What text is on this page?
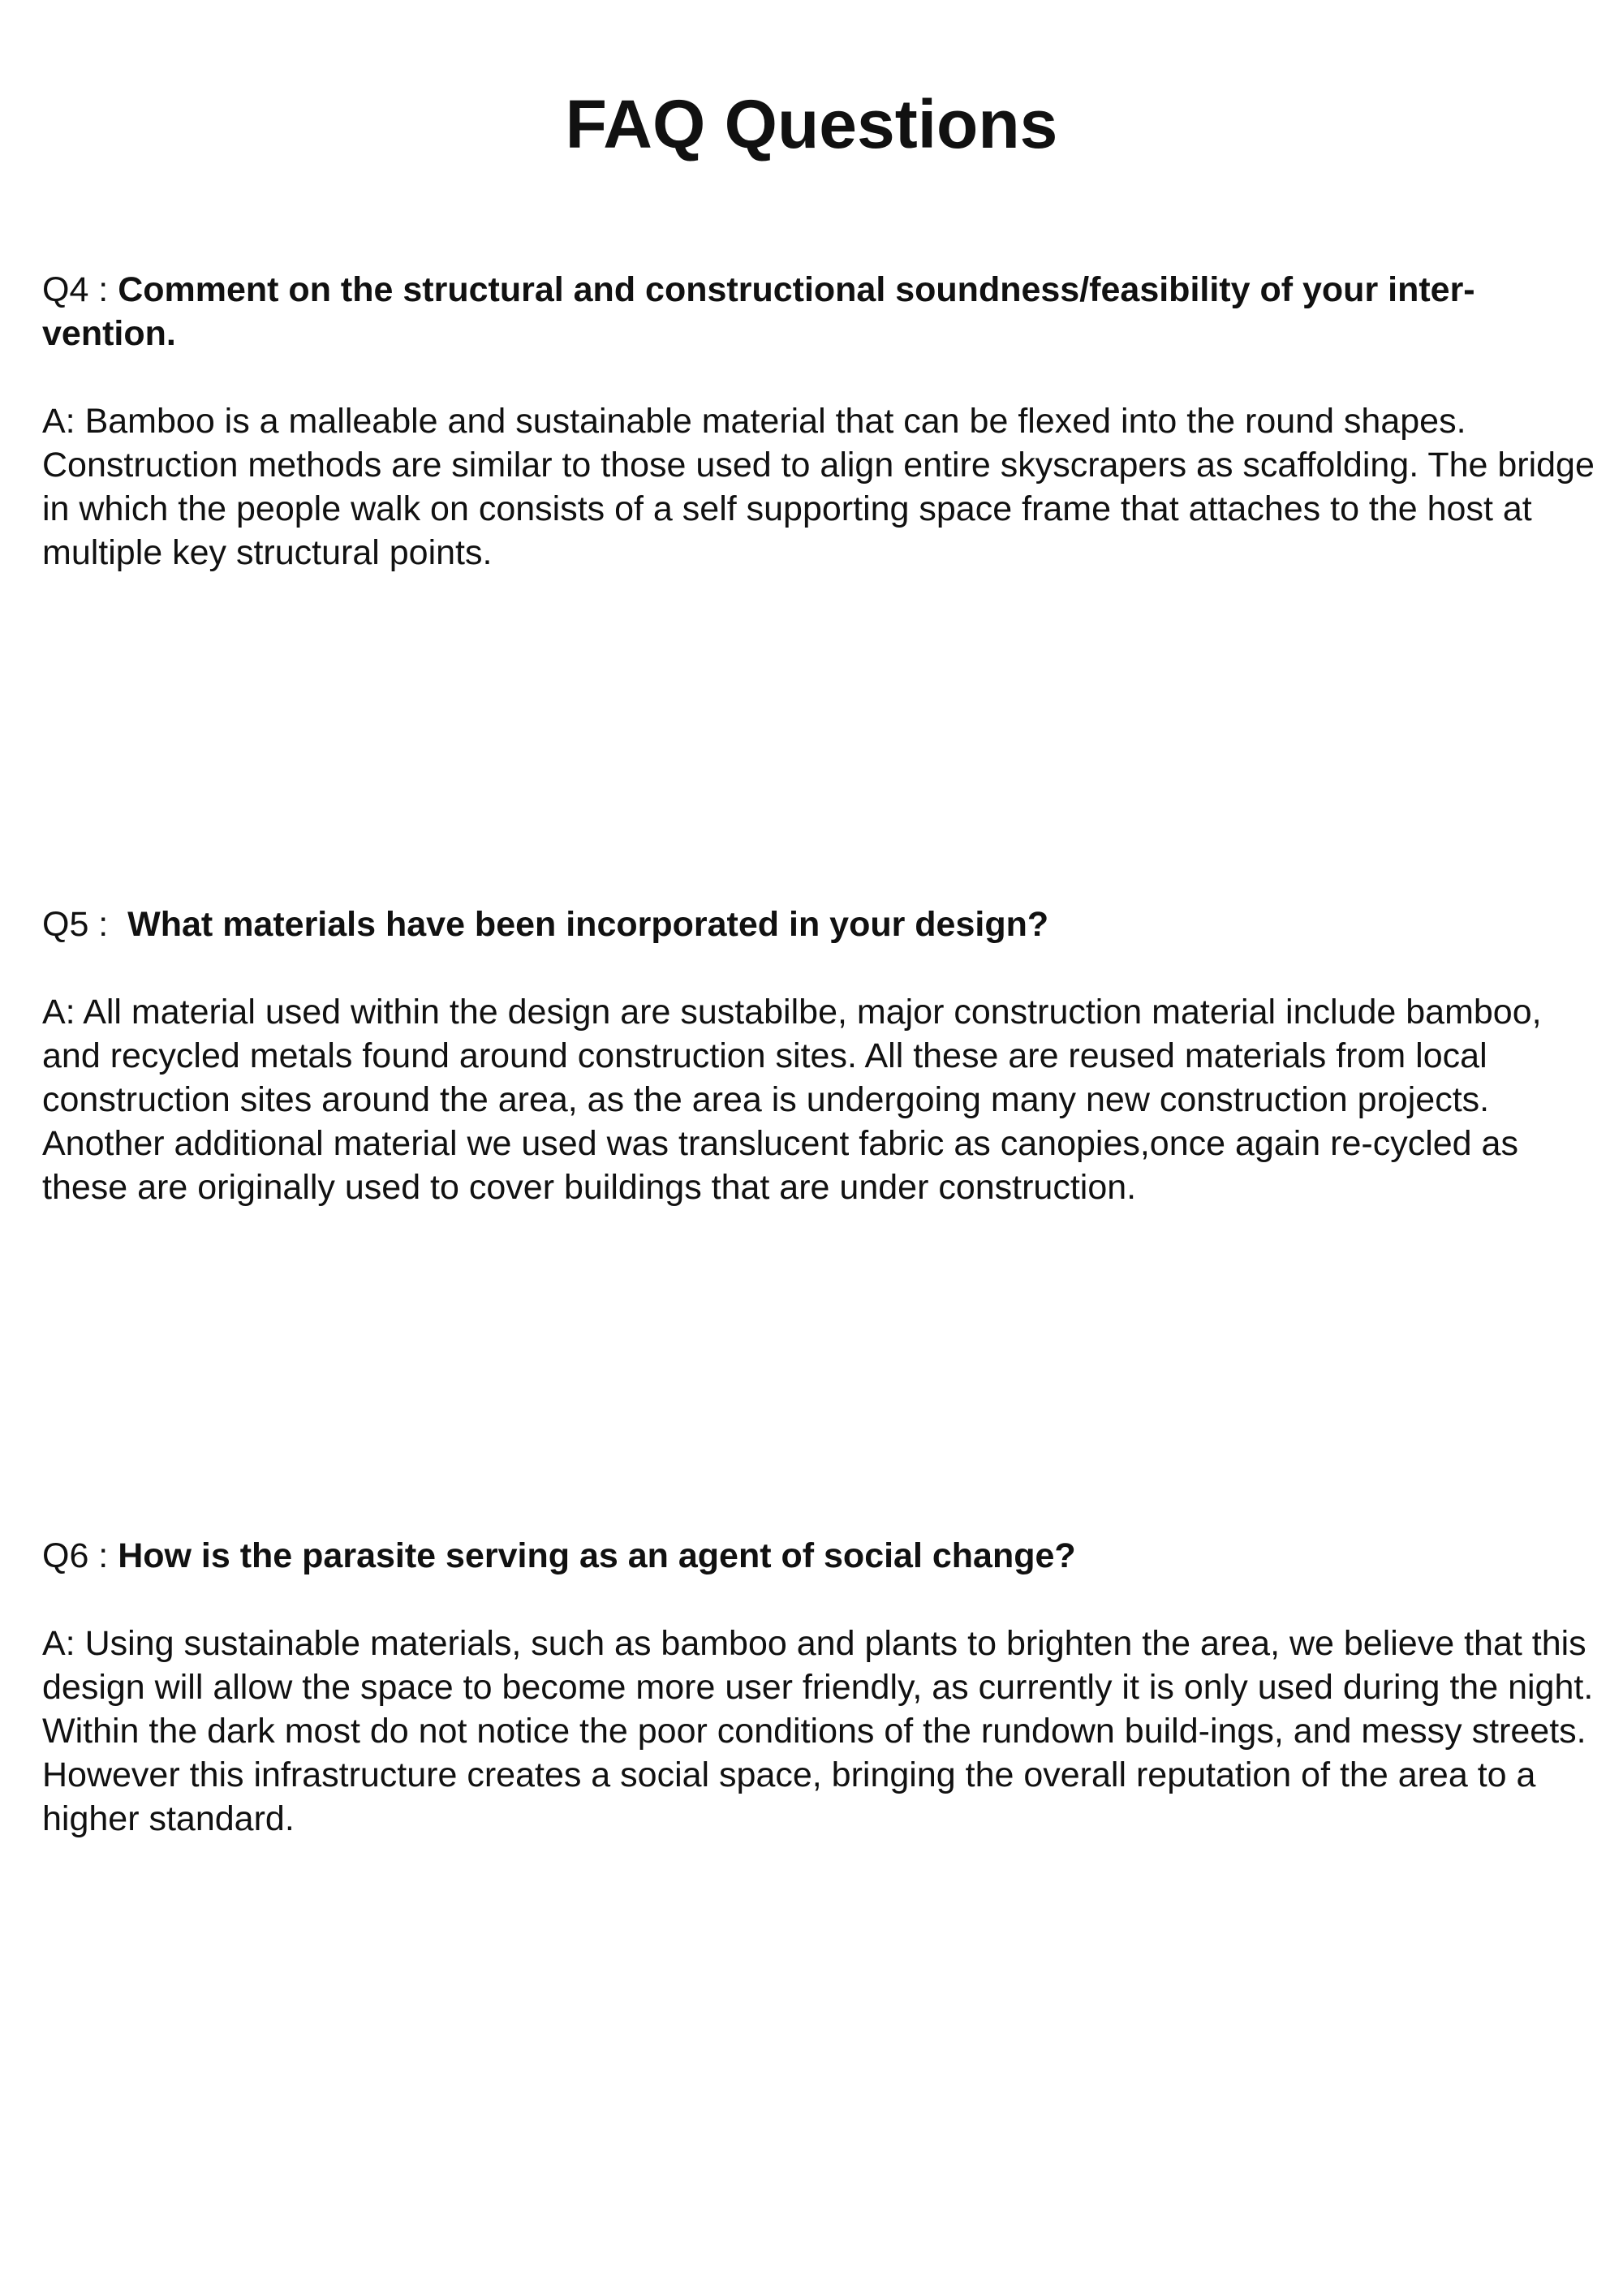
FAQ Questions

Q4 : Comment on the structural and constructional soundness/feasibility of your inter-vention.

A: Bamboo is a malleable and sustainable material that can be flexed into the round shapes. Construction methods are similar to those used to align entire skyscrapers as scaffolding. The bridge in which the people walk on consists of a self supporting space frame that attaches to the host at multiple key structural points.

Q5 :  What materials have been incorporated in your design?

A: All material used within the design are sustabilbe, major construction material include bamboo, and recycled metals found around construction sites. All these are reused materials from local construction sites around the area, as the area is undergoing many new construction projects. Another additional material we used was translucent fabric as canopies,once again re-cycled as these are originally used to cover buildings that are under construction.

Q6 : How is the parasite serving as an agent of social change?

A: Using sustainable materials, such as bamboo and plants to brighten the area, we believe that this design will allow the space to become more user friendly, as currently it is only used during the night. Within the dark most do not notice the poor conditions of the rundown build-ings, and messy streets. However this infrastructure creates a social space, bringing the overall reputation of the area to a higher standard.
